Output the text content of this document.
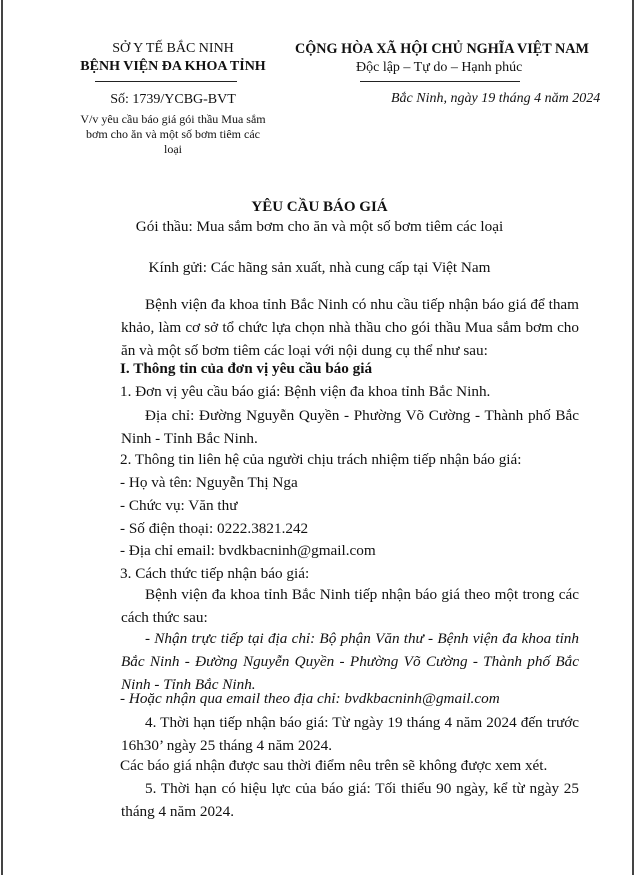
SỞ Y TẾ BẮC NINH
BỆNH VIỆN ĐA KHOA TỈNH
Số: 1739/YCBG-BVT
V/v yêu cầu báo giá gói thầu Mua sắm
bơm cho ăn và một số bơm tiêm các
loại
CỘNG HÒA XÃ HỘI CHỦ NGHĨA VIỆT NAM
Độc lập – Tự do – Hạnh phúc
Bắc Ninh, ngày 19 tháng 4 năm 2024
YÊU CẦU BÁO GIÁ
Gói thầu: Mua sắm bơm cho ăn và một số bơm tiêm các loại
Kính gửi: Các hãng sản xuất, nhà cung cấp tại Việt Nam
Bệnh viện đa khoa tỉnh Bắc Ninh có nhu cầu tiếp nhận báo giá để tham khảo, làm cơ sở tổ chức lựa chọn nhà thầu cho gói thầu Mua sắm bơm cho ăn và một số bơm tiêm các loại với nội dung cụ thể như sau:
I. Thông tin của đơn vị yêu cầu báo giá
1. Đơn vị yêu cầu báo giá: Bệnh viện đa khoa tỉnh Bắc Ninh.
Địa chỉ: Đường Nguyễn Quyền - Phường Võ Cường - Thành phố Bắc Ninh - Tỉnh Bắc Ninh.
2. Thông tin liên hệ của người chịu trách nhiệm tiếp nhận báo giá:
- Họ và tên: Nguyễn Thị Nga
- Chức vụ: Văn thư
- Số điện thoại: 0222.3821.242
- Địa chỉ email: bvdkbacninh@gmail.com
3. Cách thức tiếp nhận báo giá:
Bệnh viện đa khoa tỉnh Bắc Ninh tiếp nhận báo giá theo một trong các cách thức sau:
- Nhận trực tiếp tại địa chỉ: Bộ phận Văn thư - Bệnh viện đa khoa tỉnh Bắc Ninh - Đường Nguyễn Quyền - Phường Võ Cường - Thành phố Bắc Ninh - Tỉnh Bắc Ninh.
- Hoặc nhận qua email theo địa chỉ: bvdkbacninh@gmail.com
4. Thời hạn tiếp nhận báo giá: Từ ngày 19 tháng 4 năm 2024 đến trước 16h30’ ngày 25 tháng 4 năm 2024.
Các báo giá nhận được sau thời điểm nêu trên sẽ không được xem xét.
5. Thời hạn có hiệu lực của báo giá: Tối thiểu 90 ngày, kể từ ngày 25 tháng 4 năm 2024.
